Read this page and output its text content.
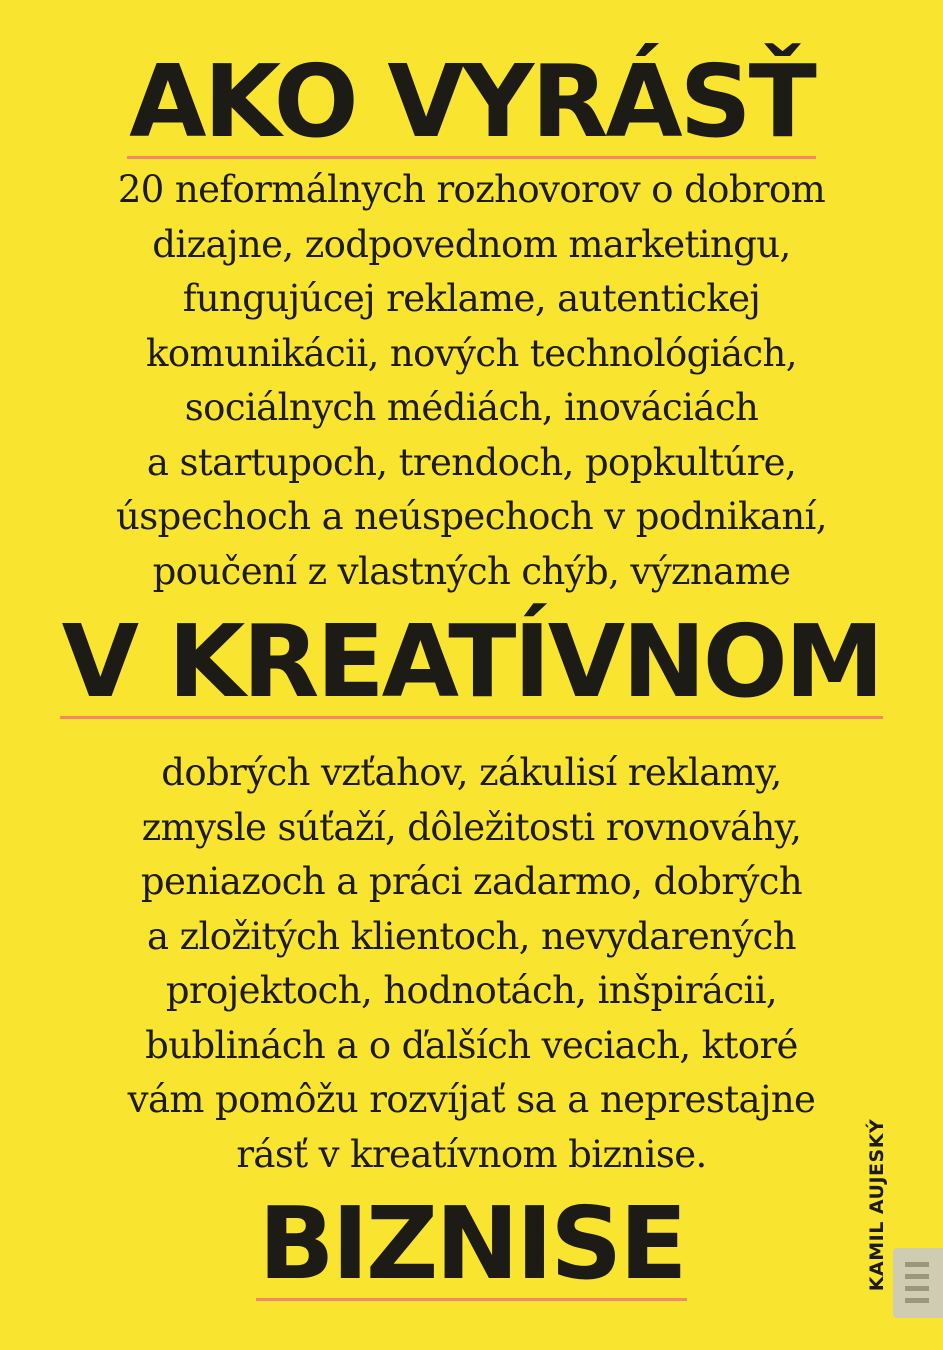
AKO VYRÁSŤ
20 neformálnych rozhovorov o dobrom
dizajne, zodpovednom marketingu,
fungujúcej reklame, autentickej
komunikácii, nových technológiách,
sociálnych médiách, inováciách
a startupoch, trendoch, popkultúre,
úspechoch a neúspechoch v podnikaní,
poučení z vlastných chýb, význame
V KREATÍVNOM
dobrých vzťahov, zákulisí reklamy,
zmysle súťaží, dôležitosti rovnováhy,
peniazoch a práci zadarmo, dobrých
a zložitých klientoch, nevydarených
projektoch, hodnotách, inšpirácii,
bublinách a o ďalších veciach, ktoré
vám pomôžu rozvíjať sa a neprestajne
rásť v kreatívnom biznise.
BIZNISE	KAMIL AUJESKÝ
